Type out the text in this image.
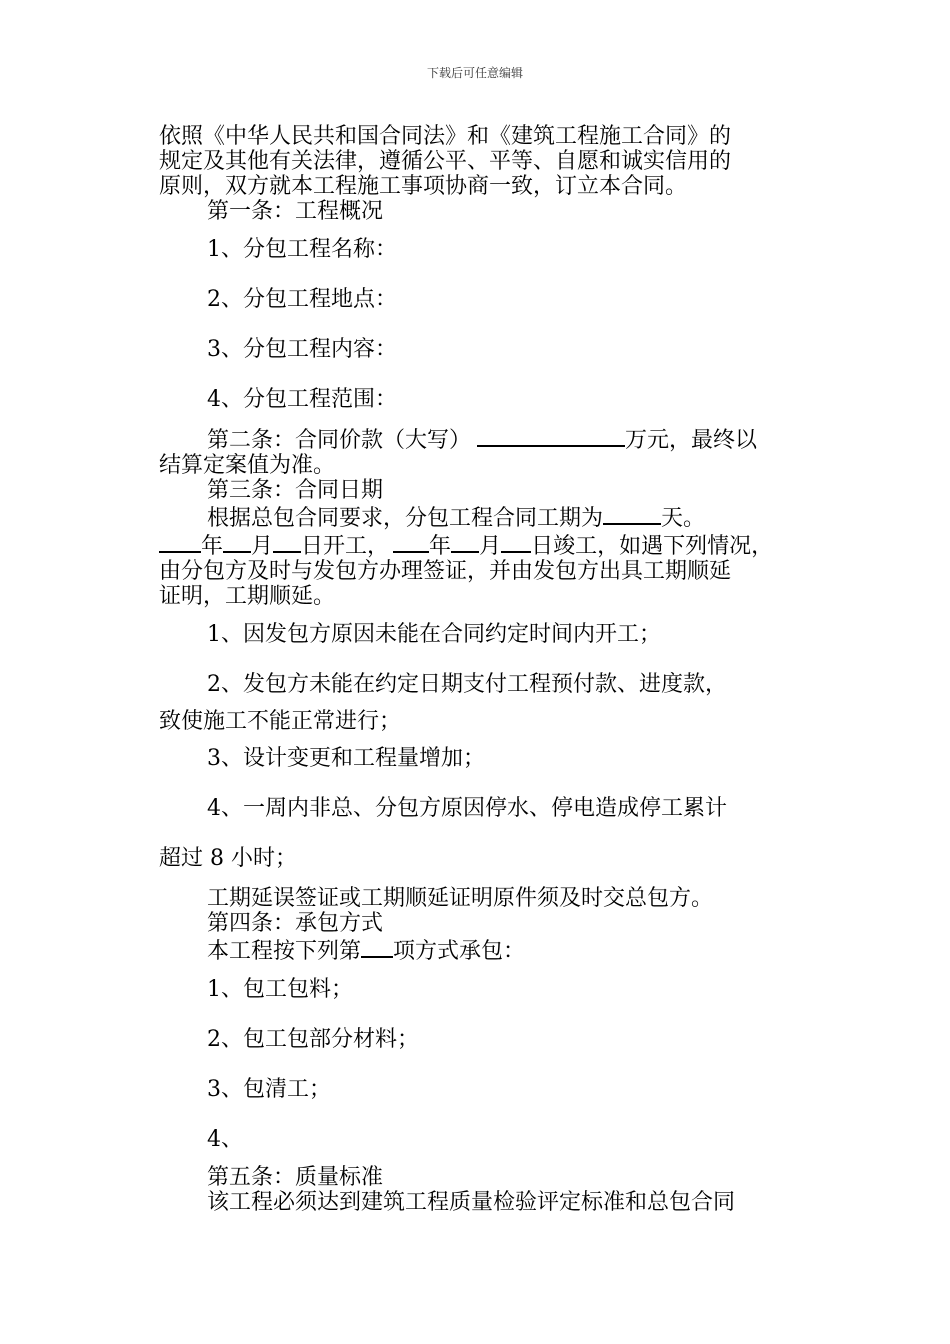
下载后可任意编辑

依照《中华人民共和国合同法》和《建筑工程施工合同》的

规定及其他有关法律，遵循公平、平等、自愿和诚实信用的

原则，双方就本工程施工事项协商一致，订立本合同。

第一条：工程概况

1、分包工程名称：

2、分包工程地点：

3、分包工程内容：

4、分包工程范围：

第二条：合同价款（大写）	万元，最终以

结算定案值为准。

第三条：合同日期

根据总包合同要求，分包工程合同工期为	天。

年 月 日开工， 年 月 日竣工，如遇下列情况，

由分包方及时与发包方办理签证，并由发包方出具工期顺延

证明，工期顺延。

1、因发包方原因未能在合同约定时间内开工；

2、发包方未能在约定日期支付工程预付款、进度款，

致使施工不能正常进行；

3、设计变更和工程量增加；

4、一周内非总、分包方原因停水、停电造成停工累计

超过 8 小时；

工期延误签证或工期顺延证明原件须及时交总包方。

第四条：承包方式

本工程按下列第 项方式承包：

1、包工包料；

2、包工包部分材料；

3、包清工；

4、

第五条：质量标准

该工程必须达到建筑工程质量检验评定标准和总包合同
